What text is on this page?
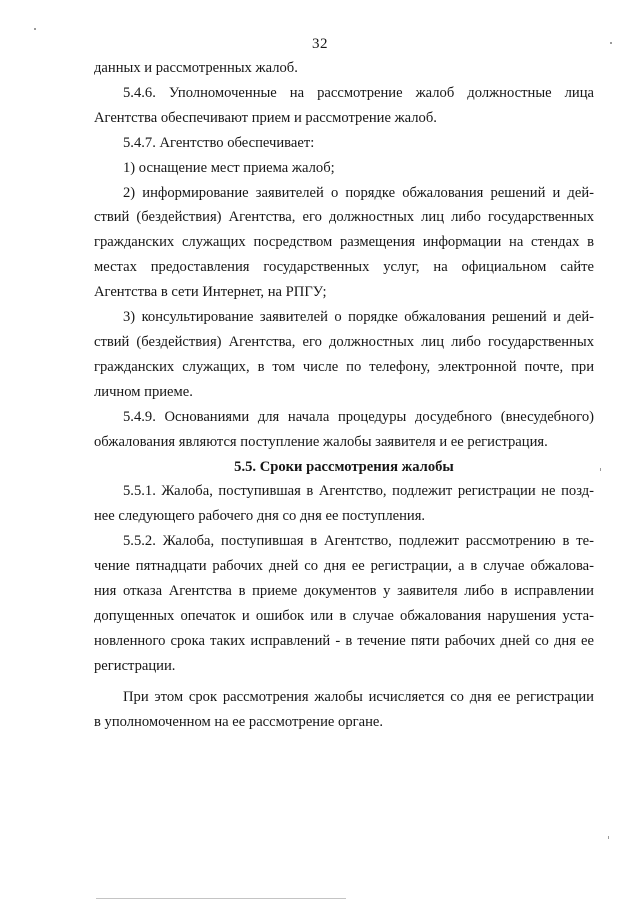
32

данных и рассмотренных жалоб.

5.4.6. Уполномоченные на рассмотрение жалоб должностные лица
Агентства обеспечивают прием и рассмотрение жалоб.

5.4.7. Агентство обеспечивает:

1) оснащение мест приема жалоб;

2) информирование заявителей о порядке обжалования решений и дей-
ствий (бездействия) Агентства, его должностных лиц либо государственных
гражданских служащих посредством размещения информации на стендах в
местах предоставления государственных услуг, на официальном сайте
Агентства в сети Интернет, на РПГУ;

3) консультирование заявителей о порядке обжалования решений и дей-
ствий (бездействия) Агентства, его должностных лиц либо государственных
гражданских служащих, в том числе по телефону, электронной почте, при
личном приеме.

5.4.9. Основаниями для начала процедуры досудебного (внесудебного)
обжалования являются поступление жалобы заявителя и ее регистрация.

5.5. Сроки рассмотрения жалобы

5.5.1. Жалоба, поступившая в Агентство, подлежит регистрации не позд-
нее следующего рабочего дня со дня ее поступления.

5.5.2. Жалоба, поступившая в Агентство, подлежит рассмотрению в те-
чение пятнадцати рабочих дней со дня ее регистрации, а в случае обжалова-
ния отказа Агентства в приеме документов у заявителя либо в исправлении
допущенных опечаток и ошибок или в случае обжалования нарушения уста-
новленного срока таких исправлений - в течение пяти рабочих дней со дня ее
регистрации.

При этом срок рассмотрения жалобы исчисляется со дня ее регистрации
в уполномоченном на ее рассмотрение органе.
